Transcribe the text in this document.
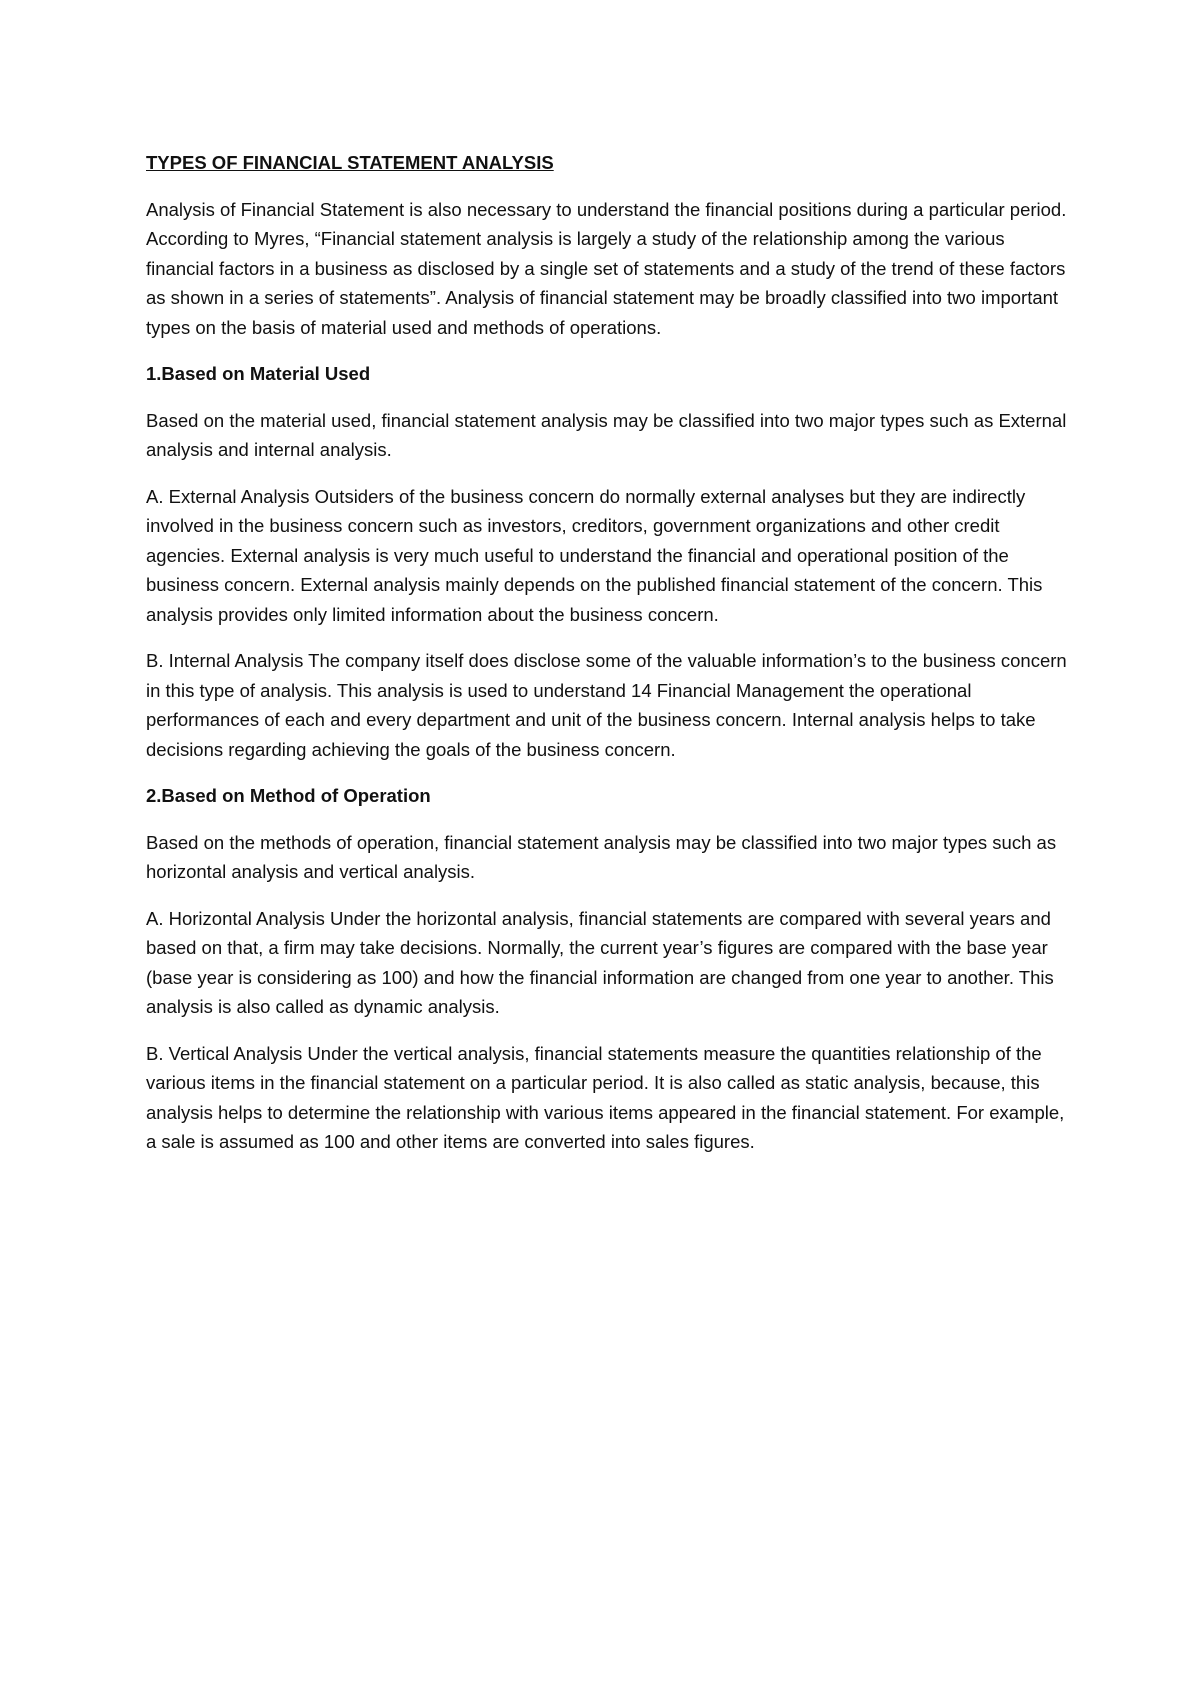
TYPES OF FINANCIAL STATEMENT ANALYSIS

Analysis of Financial Statement is also necessary to understand the financial positions during a particular period. According to Myres, “Financial statement analysis is largely a study of the relationship among the various financial factors in a business as disclosed by a single set of statements and a study of the trend of these factors as shown in a series of statements”. Analysis of financial statement may be broadly classified into two important types on the basis of material used and methods of operations.

1.Based on Material Used

Based on the material used, financial statement analysis may be classified into two major types such as External analysis and internal analysis.

A. External Analysis Outsiders of the business concern do normally external analyses but they are indirectly involved in the business concern such as investors, creditors, government organizations and other credit agencies. External analysis is very much useful to understand the financial and operational position of the business concern. External analysis mainly depends on the published financial statement of the concern. This analysis provides only limited information about the business concern.

B. Internal Analysis The company itself does disclose some of the valuable information’s to the business concern in this type of analysis. This analysis is used to understand 14 Financial Management the operational performances of each and every department and unit of the business concern. Internal analysis helps to take decisions regarding achieving the goals of the business concern.

2.Based on Method of Operation

Based on the methods of operation, financial statement analysis may be classified into two major types such as horizontal analysis and vertical analysis.

A. Horizontal Analysis Under the horizontal analysis, financial statements are compared with several years and based on that, a firm may take decisions. Normally, the current year’s figures are compared with the base year (base year is considering as 100) and how the financial information are changed from one year to another. This analysis is also called as dynamic analysis.

B. Vertical Analysis Under the vertical analysis, financial statements measure the quantities relationship of the various items in the financial statement on a particular period. It is also called as static analysis, because, this analysis helps to determine the relationship with various items appeared in the financial statement. For example, a sale is assumed as 100 and other items are converted into sales figures.
